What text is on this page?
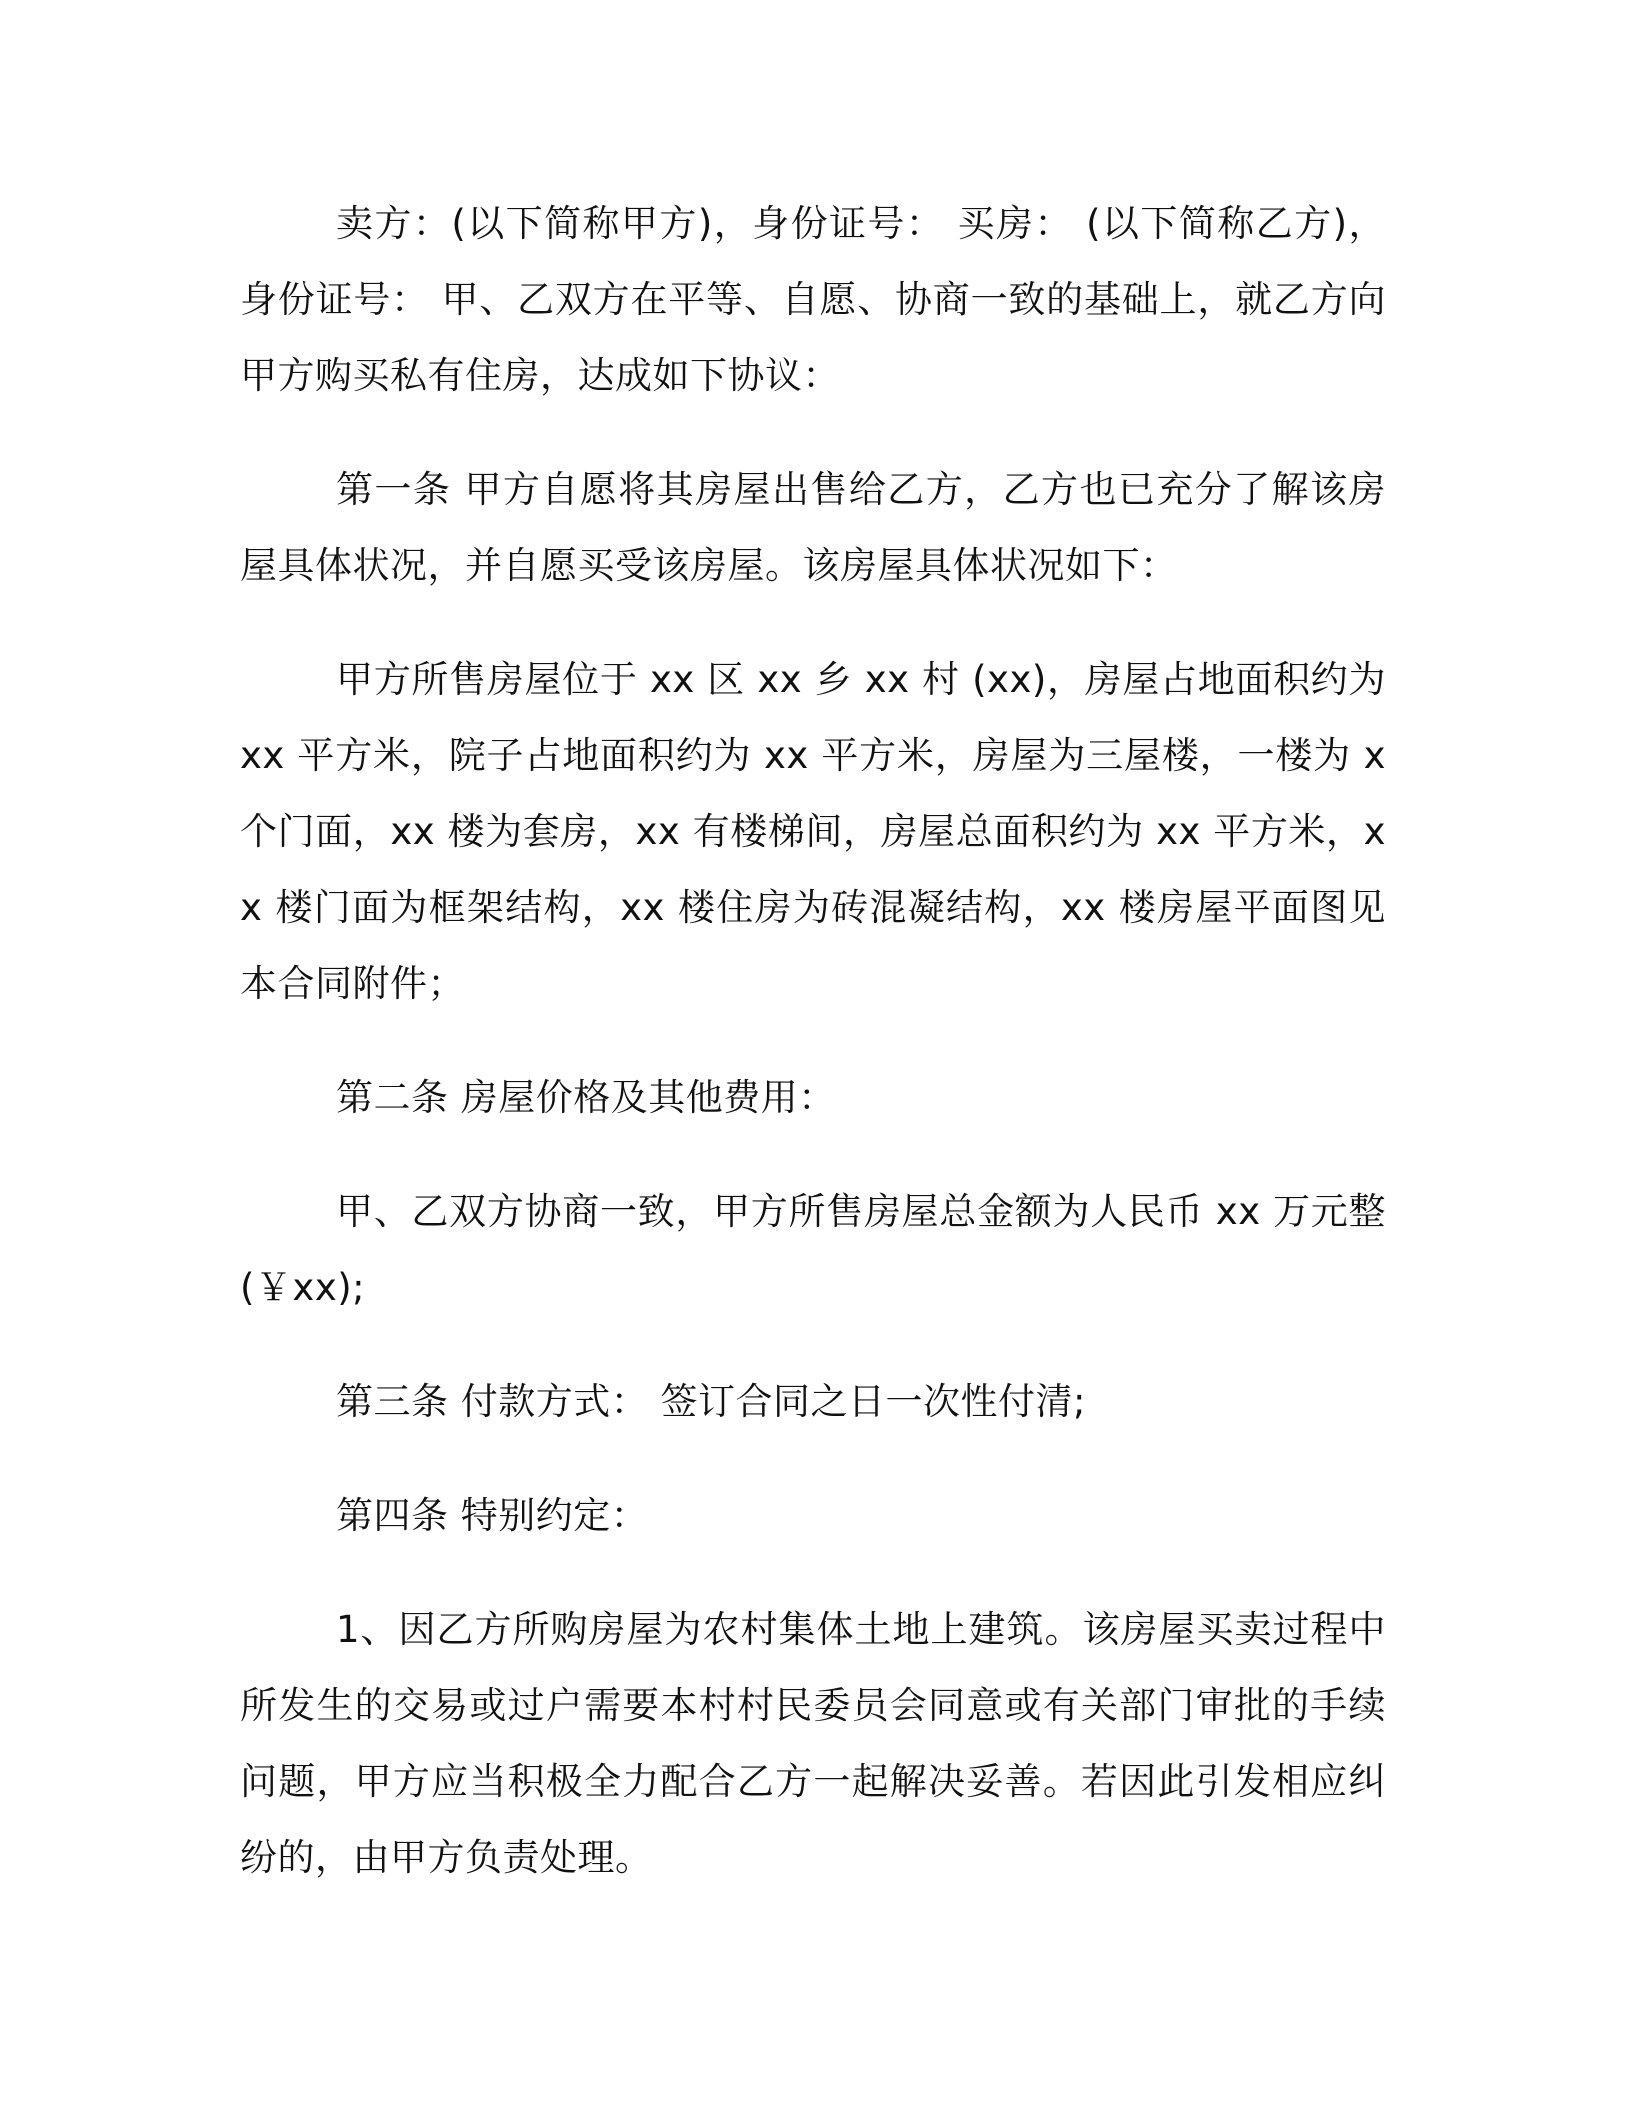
卖方：(以下简称甲方)，身份证号： 买房： (以下简称乙方)，身份证号： 甲、乙双方在平等、自愿、协商一致的基础上，就乙方向甲方购买私有住房，达成如下协议：

第一条 甲方自愿将其房屋出售给乙方，乙方也已充分了解该房屋具体状况，并自愿买受该房屋。该房屋具体状况如下：

甲方所售房屋位于 xx 区 xx 乡 xx 村 (xx)，房屋占地面积约为 xx 平方米，院子占地面积约为 xx 平方米，房屋为三屋楼，一楼为 x 个门面，xx 楼为套房，xx 有楼梯间，房屋总面积约为 xx 平方米，xx 楼门面为框架结构，xx 楼住房为砖混凝结构，xx 楼房屋平面图见本合同附件；

第二条 房屋价格及其他费用：

甲、乙双方协商一致，甲方所售房屋总金额为人民币 xx 万元整 (￥xx);

第三条 付款方式： 签订合同之日一次性付清;

第四条 特别约定：

1、因乙方所购房屋为农村集体土地上建筑。该房屋买卖过程中所发生的交易或过户需要本村村民委员会同意或有关部门审批的手续问题，甲方应当积极全力配合乙方一起解决妥善。若因此引发相应纠纷的，由甲方负责处理。
